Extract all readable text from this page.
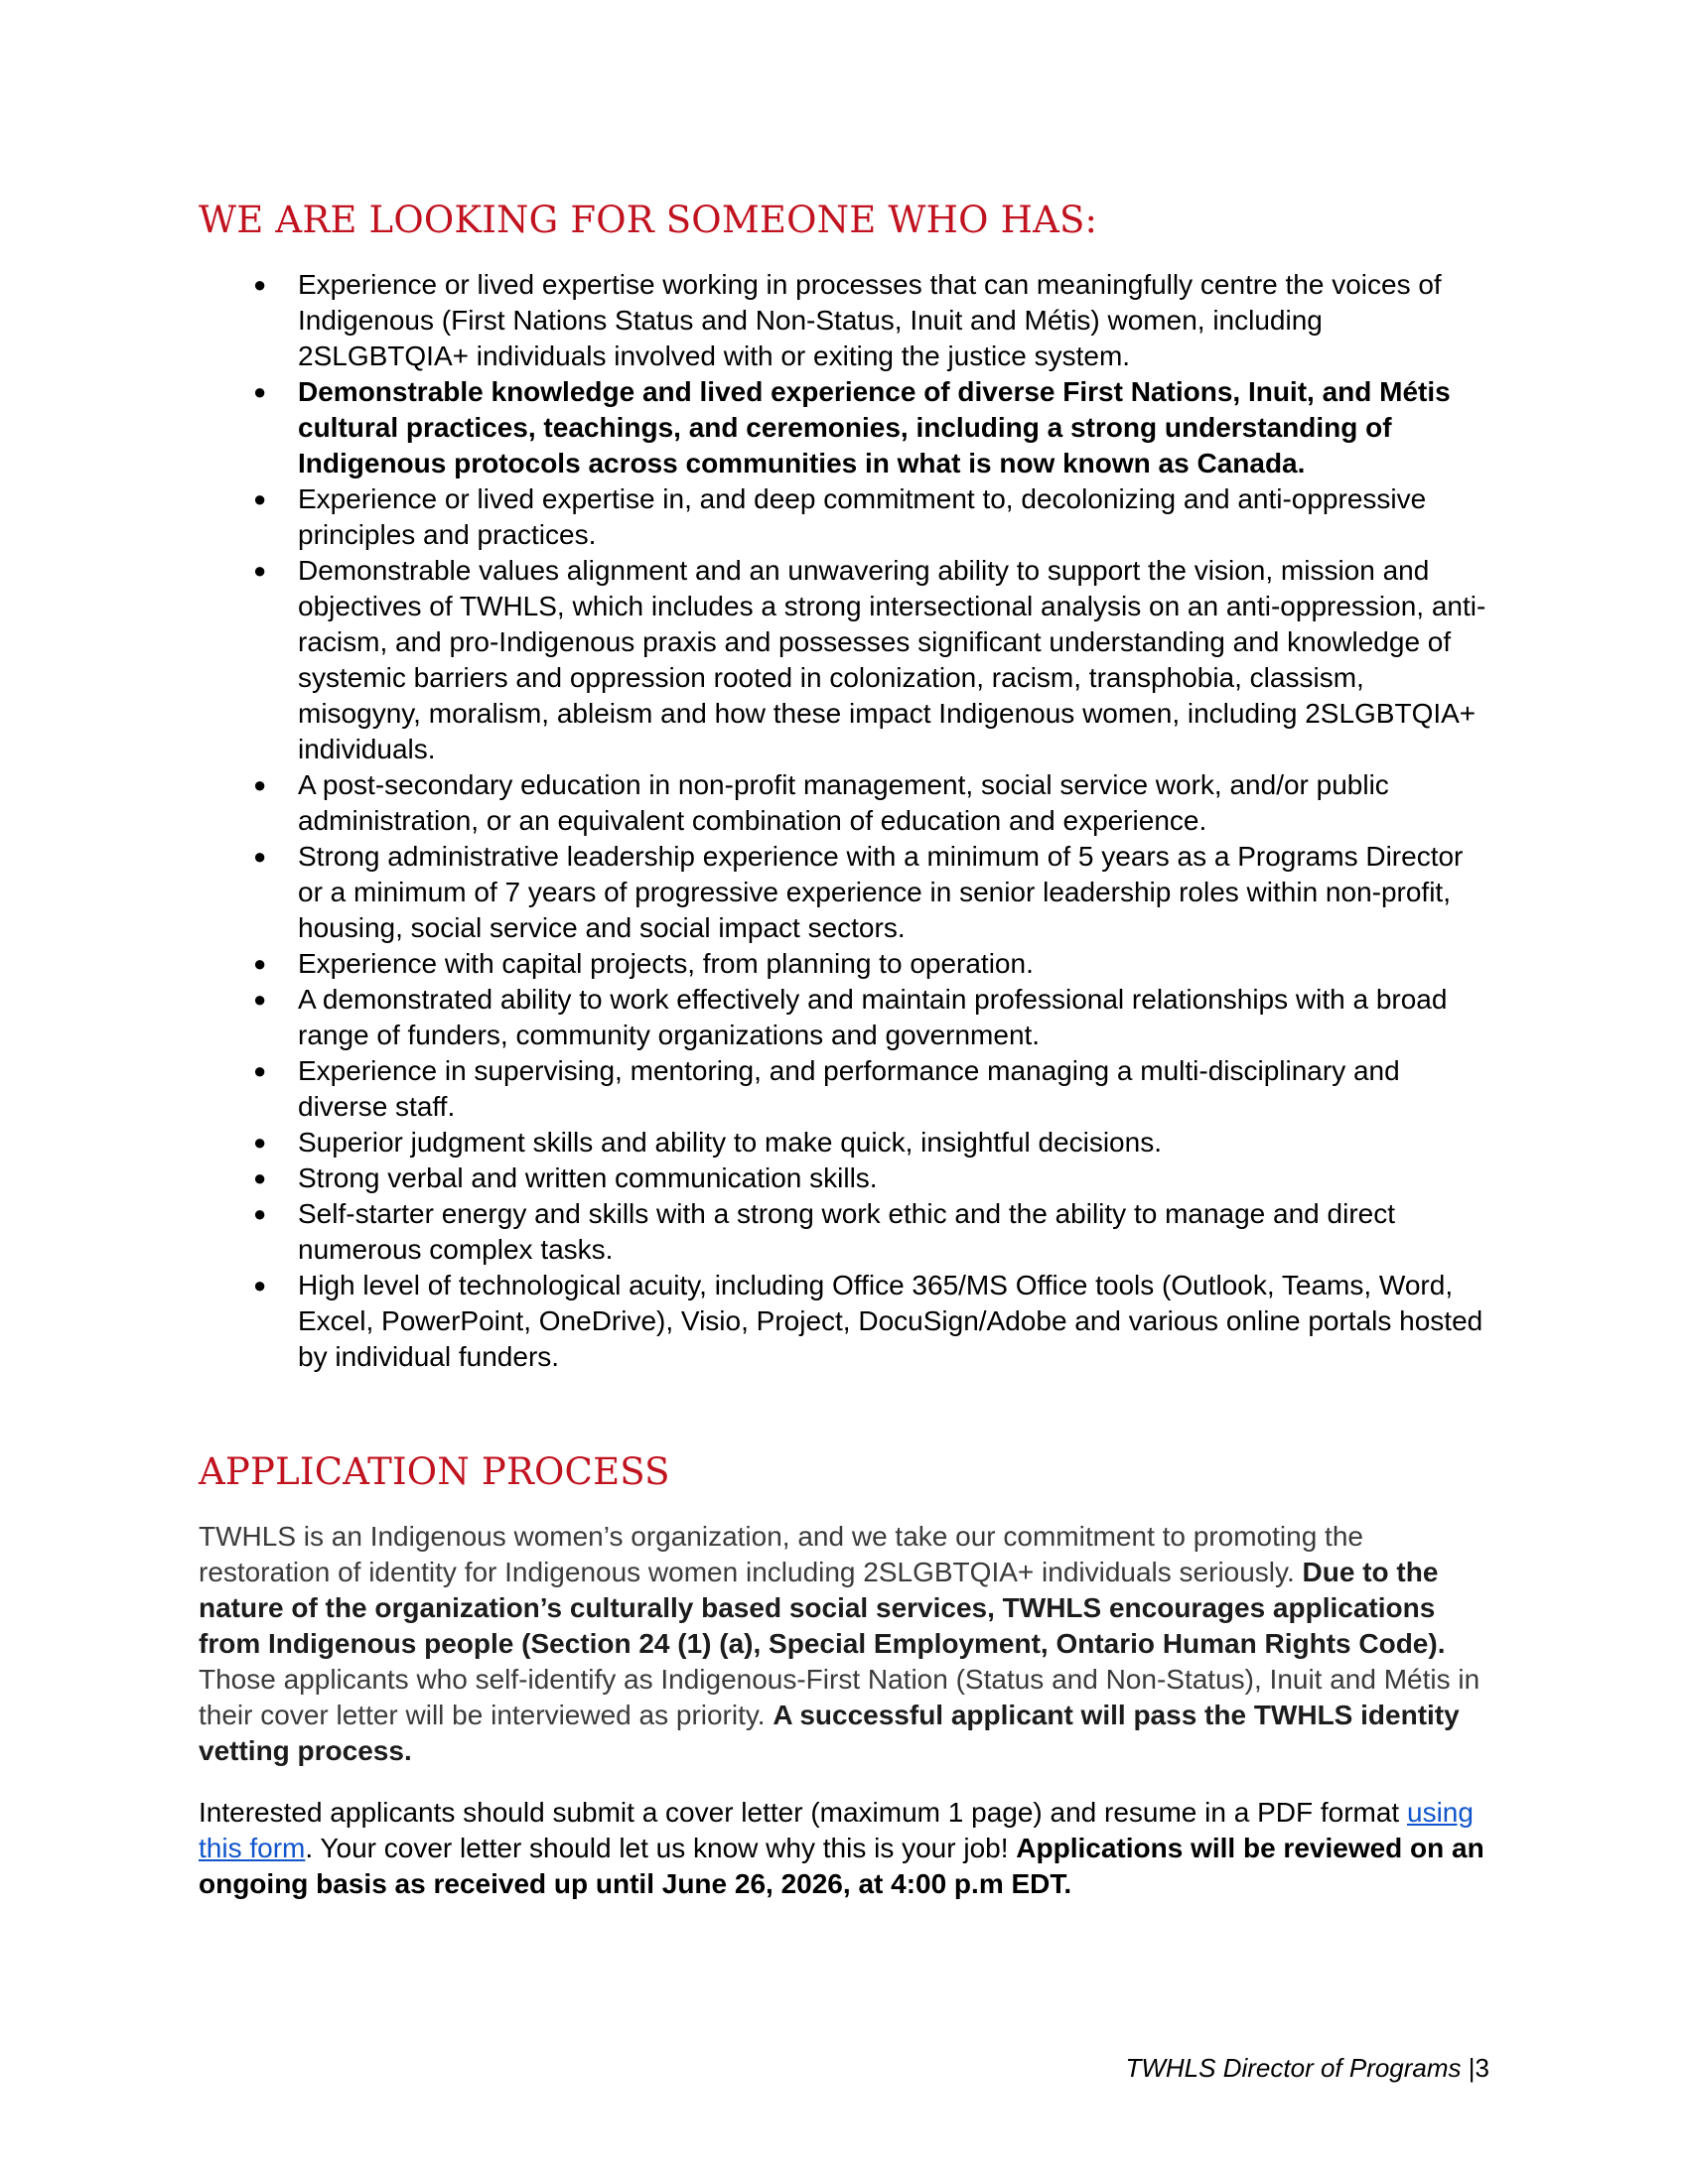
WE ARE LOOKING FOR SOMEONE WHO HAS:
● Experience or lived expertise working in processes that can meaningfully centre the voices of Indigenous (First Nations Status and Non-Status, Inuit and Métis) women, including 2SLGBTQIA+ individuals involved with or exiting the justice system.
● Demonstrable knowledge and lived experience of diverse First Nations, Inuit, and Métis cultural practices, teachings, and ceremonies, including a strong understanding of Indigenous protocols across communities in what is now known as Canada.
● Experience or lived expertise in, and deep commitment to, decolonizing and anti-oppressive principles and practices.
● Demonstrable values alignment and an unwavering ability to support the vision, mission and objectives of TWHLS, which includes a strong intersectional analysis on an anti-oppression, anti-racism, and pro-Indigenous praxis and possesses significant understanding and knowledge of systemic barriers and oppression rooted in colonization, racism, transphobia, classism, misogyny, moralism, ableism and how these impact Indigenous women, including 2SLGBTQIA+ individuals.
● A post-secondary education in non-profit management, social service work, and/or public administration, or an equivalent combination of education and experience.
● Strong administrative leadership experience with a minimum of 5 years as a Programs Director or a minimum of 7 years of progressive experience in senior leadership roles within non-profit, housing, social service and social impact sectors.
● Experience with capital projects, from planning to operation.
● A demonstrated ability to work effectively and maintain professional relationships with a broad range of funders, community organizations and government.
● Experience in supervising, mentoring, and performance managing a multi-disciplinary and diverse staff.
● Superior judgment skills and ability to make quick, insightful decisions.
● Strong verbal and written communication skills.
● Self-starter energy and skills with a strong work ethic and the ability to manage and direct numerous complex tasks.
● High level of technological acuity, including Office 365/MS Office tools (Outlook, Teams, Word, Excel, PowerPoint, OneDrive), Visio, Project, DocuSign/Adobe and various online portals hosted by individual funders.
APPLICATION PROCESS

TWHLS is an Indigenous women’s organization, and we take our commitment to promoting the restoration of identity for Indigenous women including 2SLGBTQIA+ individuals seriously. Due to the nature of the organization’s culturally based social services, TWHLS encourages applications from Indigenous people (Section 24 (1) (a), Special Employment, Ontario Human Rights Code). Those applicants who self-identify as Indigenous-First Nation (Status and Non-Status), Inuit and Métis in their cover letter will be interviewed as priority. A successful applicant will pass the TWHLS identity vetting process.

Interested applicants should submit a cover letter (maximum 1 page) and resume in a PDF format using this form. Your cover letter should let us know why this is your job! Applications will be reviewed on an ongoing basis as received up until June 26, 2026, at 4:00 p.m EDT.

TWHLS Director of Programs |3
